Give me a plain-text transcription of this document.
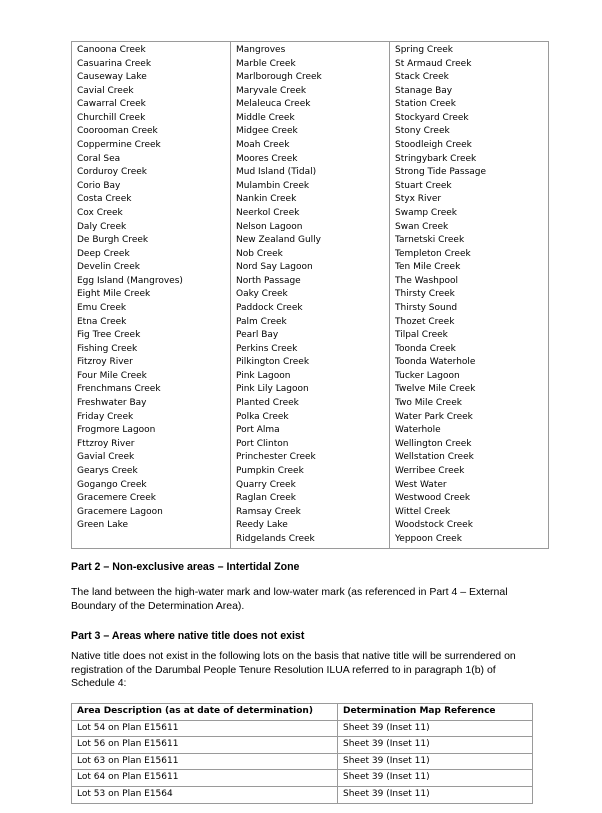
Canoona Creek
Casuarina Creek
Causeway Lake
Cavial Creek
Cawarral Creek
Churchill Creek
Coorooman Creek
Coppermine Creek
Coral Sea
Corduroy Creek
Corio Bay
Costa Creek
Cox Creek
Daly Creek
De Burgh Creek
Deep Creek
Develin Creek
Egg Island (Mangroves)
Eight Mile Creek
Emu Creek
Etna Creek
Fig Tree Creek
Fishing Creek
Fitzroy River
Four Mile Creek
Frenchmans Creek
Freshwater Bay
Friday Creek
Frogmore Lagoon
Fttzroy River
Gavial Creek
Gearys Creek
Gogango Creek
Gracemere Creek
Gracemere Lagoon
Green Lake

Mangroves
Marble Creek
Marlborough Creek
Maryvale Creek
Melaleuca Creek
Middle Creek
Midgee Creek
Moah Creek
Moores Creek
Mud Island (Tidal)
Mulambin Creek
Nankin Creek
Neerkol Creek
Nelson Lagoon
New Zealand Gully
Nob Creek
Nord Say Lagoon
North Passage
Oaky Creek
Paddock Creek
Palm Creek
Pearl Bay
Perkins Creek
Pilkington Creek
Pink Lagoon
Pink Lily Lagoon
Planted Creek
Polka Creek
Port Alma
Port Clinton
Princhester Creek
Pumpkin Creek
Quarry Creek
Raglan Creek
Ramsay Creek
Reedy Lake
Ridgelands Creek

Spring Creek
St Armaud Creek
Stack Creek
Stanage Bay
Station Creek
Stockyard Creek
Stony Creek
Stoodleigh Creek
Stringybark Creek
Strong Tide Passage
Stuart Creek
Styx River
Swamp Creek
Swan Creek
Tarnetski Creek
Templeton Creek
Ten Mile Creek
The Washpool
Thirsty Creek
Thirsty Sound
Thozet Creek
Tilpal Creek
Toonda Creek
Toonda Waterhole
Tucker Lagoon
Twelve Mile Creek
Two Mile Creek
Water Park Creek
Waterhole
Wellington Creek
Wellstation Creek
Werribee Creek
West Water
Westwood Creek
Wittel Creek
Woodstock Creek
Yeppoon Creek
Part 2 – Non-exclusive areas – Intertidal Zone
The land between the high-water mark and low-water mark (as referenced in Part 4 – External Boundary of the Determination Area).
Part 3 – Areas where native title does not exist
Native title does not exist in the following lots on the basis that native title will be surrendered on registration of the Darumbal People Tenure Resolution ILUA referred to in paragraph 1(b) of Schedule 4:
Area Description (as at date of determination)	Determination Map Reference
Lot 54 on Plan E15611	Sheet 39 (Inset 11)
Lot 56 on Plan E15611	Sheet 39 (Inset 11)
Lot 63 on Plan E15611	Sheet 39 (Inset 11)
Lot 64 on Plan E15611	Sheet 39 (Inset 11)
Lot 53 on Plan E1564	Sheet 39 (Inset 11)
